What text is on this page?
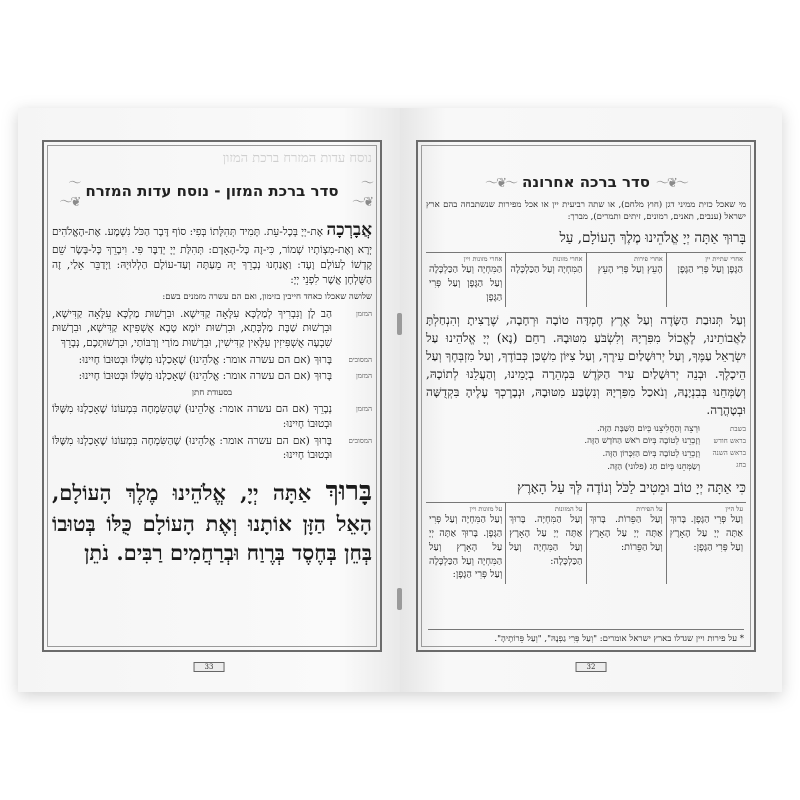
נוסח עדות המזרח ברכת המזון
〜❦〜
סדר ברכת המזון - נוסח עדות המזרח
〜❦〜
אֲבָרְכָה אֶת-יְיָ בְּכָל-עֵת. תָּמִיד תְּהִלָּתוֹ בְּפִי: סוֹף דָּבָר הַכֹּל נִשְׁמָע. אֶת-הָאֱלֹהִים יְרָא וְאֶת-מִצְוֹתָיו שְׁמוֹר, כִּי-זֶה כָּל-הָאָדָם: תְּהִלַּת יְיָ יְדַבֶּר פִּי. וִיבָרֵךְ כָּל-בָּשָׂר שֵׁם קָדְשׁוֹ לְעוֹלָם וָעֶד: וַאֲנַחְנוּ נְבָרֵךְ יָהּ מֵעַתָּה וְעַד-עוֹלָם הַלְלוּיָהּ: וַיְדַבֵּר אֵלַי, זֶה הַשֻּׁלְחָן אֲשֶׁר לִפְנֵי יְיָ:
שלושה שאכלו כאחד חייבין בזימון, ואם הם עשרה מזמנים בשם:
המזמן
הַב לָן וְנִבְרִיךְ לְמַלְכָּא עִלָּאָה קַדִּישָׁא. וּבִרְשׁוּת מַלְכָּא עִלָּאָה קַדִּישָׁא, וּבִרְשׁוּת שַׁבָּת מַלְכְּתָא, וּבִרְשׁוּת יוֹמָא טָבָא אֻשְׁפִּיזָא קַדִּישָׁא, וּבִרְשׁוּת שִׁבְעָה אֻשְׁפִּיזִין עִלָּאִין קַדִּישִׁין, וּבִרְשׁוּת מוֹרַי וְרַבּוֹתַי, וּבִרְשׁוּתְכֶם, נְבָרֵךְ
המסובים
בָּרוּךְ (אם הם עשרה אומר: אֱלֹהֵינוּ) שֶׁאָכַלְנוּ מִשֶּׁלּוֹ וּבְטוּבוֹ חָיִינוּ:
המזמן
בָּרוּךְ (אם הם עשרה אומר: אֱלֹהֵינוּ) שֶׁאָכַלְנוּ מִשֶּׁלּוֹ וּבְטוּבוֹ חָיִינוּ:
בסעודת חתן
המזמן
נְבָרֵךְ (אם הם עשרה אומר: אֱלֹהֵינוּ) שֶׁהַשִּׂמְחָה בִּמְעוֹנוֹ שֶׁאָכַלְנוּ מִשֶּׁלּוֹ וּבְטוּבוֹ חָיִינוּ:
המסובים
בָּרוּךְ (אם הם עשרה אומר: אֱלֹהֵינוּ) שֶׁהַשִּׂמְחָה בִּמְעוֹנוֹ שֶׁאָכַלְנוּ מִשֶּׁלּוֹ וּבְטוּבוֹ חָיִינוּ:
בָּרוּךְ אַתָּה יְיָ, אֱלֹהֵינוּ מֶלֶךְ הָעוֹלָם, הָאֵל הַזָּן אוֹתָנוּ וְאֶת הָעוֹלָם כֻּלּוֹ בְּטוּבוֹ בְּחֵן בְּחֶסֶד בְּרֶוַח וּבְרַחֲמִים רַבִּים. נֹתֵן
33
〜❦〜
סדר ברכה אחרונה
〜❦〜
מי שאכל כזית ממיני דגן (חוץ מלחם), או שתה רביעית יין או אכל מפירות שנשתבחה בהם ארץ ישראל (ענבים, תאנים, רמונים, זיתים ותמרים), מברך:
בָּרוּךְ אַתָּה יְיָ אֱלֹהֵינוּ מֶלֶךְ הָעוֹלָם, עַל
אחרי שתיית יין
הַגֶּפֶן וְעַל פְּרִי הַגֶּפֶן
אחרי פירות
הָעֵץ וְעַל פְּרִי הָעֵץ
אחרי מזונות
הַמִּחְיָה וְעַל הַכַּלְכָּלָה
אחרי מזונות ויין
הַמִּחְיָה וְעַל הַכַּלְכָּלָה וְעַל הַגֶּפֶן וְעַל פְּרִי הַגֶּפֶן
וְעַל תְּנוּבַת הַשָּׂדֶה וְעַל אֶרֶץ חֶמְדָּה טוֹבָה וּרְחָבָה, שֶׁרָצִיתָ וְהִנְחַלְתָּ לַאֲבוֹתֵינוּ, לֶאֱכוֹל מִפִּרְיָהּ וְלִשְׂבֹּעַ מִטּוּבָהּ. רַחֵם (נָא) יְיָ אֱלֹהֵינוּ עַל יִשְׂרָאֵל עַמֶּךָ, וְעַל יְרוּשָׁלַיִם עִירֶךָ, וְעַל צִיּוֹן מִשְׁכַּן כְּבוֹדֶךָ, וְעַל מִזְבְּחֶךָ וְעַל הֵיכָלֶךָ. וּבְנֵה יְרוּשָׁלַיִם עִיר הַקֹּדֶשׁ בִּמְהֵרָה בְיָמֵינוּ, וְהַעֲלֵנוּ לְתוֹכָהּ, וְשַׂמְּחֵנוּ בְּבִנְיָנָהּ, וְנֹאכַל מִפִּרְיָהּ וְנִשְׂבַּע מִטּוּבָהּ, וּנְבָרֶכְךָ עָלֶיהָ בִּקְדֻשָּׁה וּבְטָהֳרָה.
בשבת
בראש חודש
בראש השנה
בחג
וּרְצֵה וְהַחֲלִיצֵנוּ בְּיוֹם הַשַּׁבָּת הַזֶּה.
וְזָכְרֵנוּ לְטוֹבָה בְּיוֹם רֹאשׁ הַחֹדֶשׁ הַזֶּה.
וְזָכְרֵנוּ לְטוֹבָה בְּיוֹם הַזִּכָּרוֹן הַזֶּה.
וְשַׂמְּחֵנוּ בְּיוֹם חַג (פלוני) הַזֶּה.
כִּי אַתָּה יְיָ טוֹב וּמֵטִיב לַכֹּל וְנוֹדֶה לְּךָ עַל הָאָרֶץ
על היין
וְעַל פְּרִי הַגָּפֶן. בָּרוּךְ אַתָּה יְיָ עַל הָאָרֶץ וְעַל פְּרִי הַגָּפֶן:
על הפירות
וְעַל הַפֵּרוֹת. בָּרוּךְ אַתָּה יְיָ עַל הָאָרֶץ וְעַל הַפֵּרוֹת:
על המזונות
וְעַל הַמִּחְיָה. בָּרוּךְ אַתָּה יְיָ עַל הָאָרֶץ וְעַל הַמִּחְיָה וְעַל הַכַּלְכָּלָה:
על מזונות ויין
וְעַל הַמִּחְיָה וְעַל פְּרִי הַגָּפֶן. בָּרוּךְ אַתָּה יְיָ עַל הָאָרֶץ וְעַל הַמִּחְיָה וְעַל הַכַּלְכָּלָה וְעַל פְּרִי הַגָּפֶן:
* על פירות ויין שגדלו בארץ ישראל אומרים: "וְעַל פְּרִי גַפְנָהּ", "וְעַל פֵּרוֹתֶיהָ".
32
